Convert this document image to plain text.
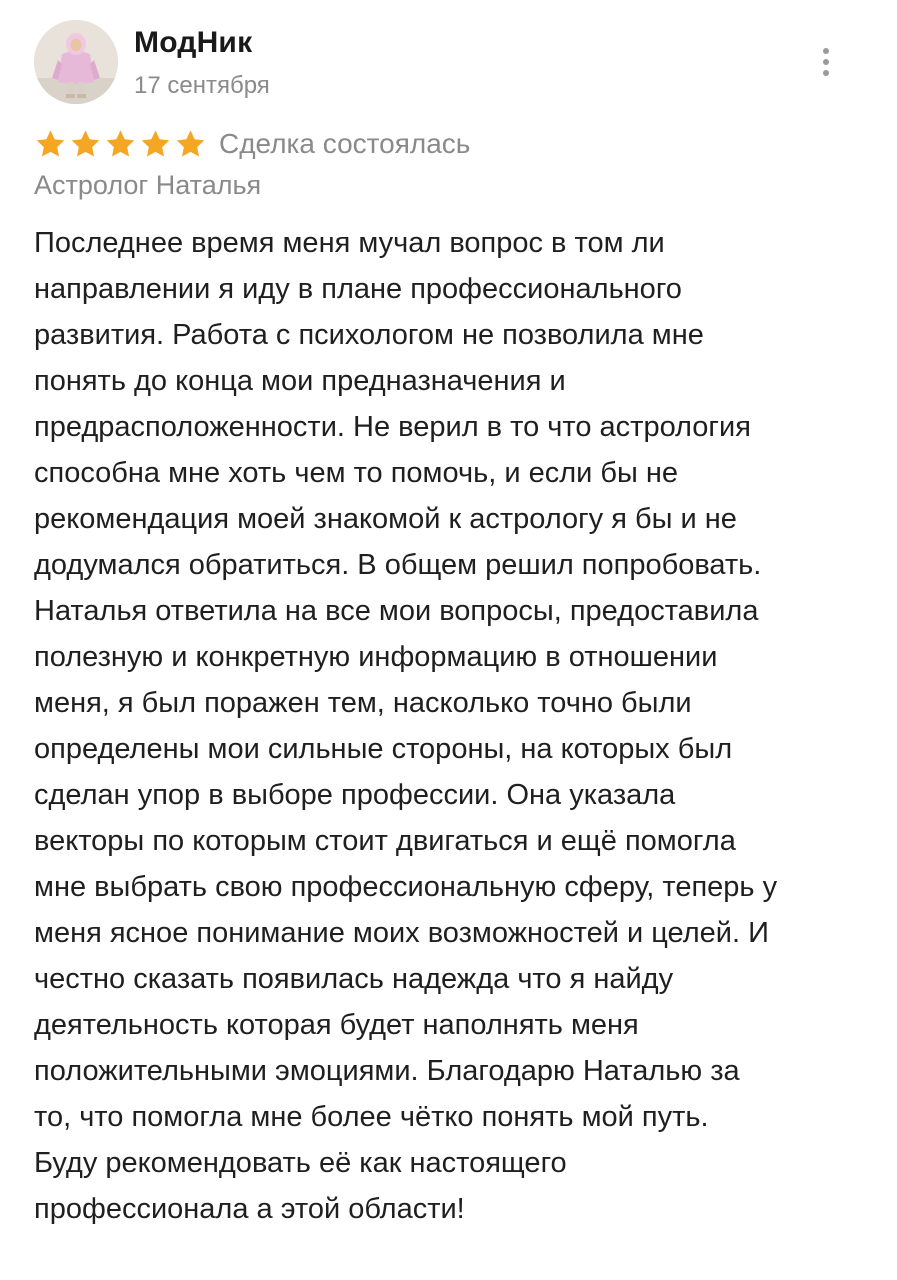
МодНик
17 сентября
Сделка состоялась
Астролог Наталья
Последнее время меня мучал вопрос в том ли
направлении я иду в плане профессионального
развития. Работа с психологом не позволила мне
понять до конца мои предназначения и
предрасположенности. Не верил в то что астрология
способна мне хоть чем то помочь, и если бы не
рекомендация моей знакомой к астрологу я бы и не
додумался обратиться. В общем решил попробовать.
Наталья ответила на все мои вопросы, предоставила
полезную и конкретную информацию в отношении
меня, я был поражен тем, насколько точно были
определены мои сильные стороны, на которых был
сделан упор в выборе профессии. Она указала
векторы по которым стоит двигаться и ещё помогла
мне выбрать свою профессиональную сферу, теперь у
меня ясное понимание моих возможностей и целей. И
честно сказать появилась надежда что я найду
деятельность которая будет наполнять меня
положительными эмоциями. Благодарю Наталью за
то, что помогла мне более чётко понять мой путь.
Буду рекомендовать её как настоящего
профессионала а этой области!
